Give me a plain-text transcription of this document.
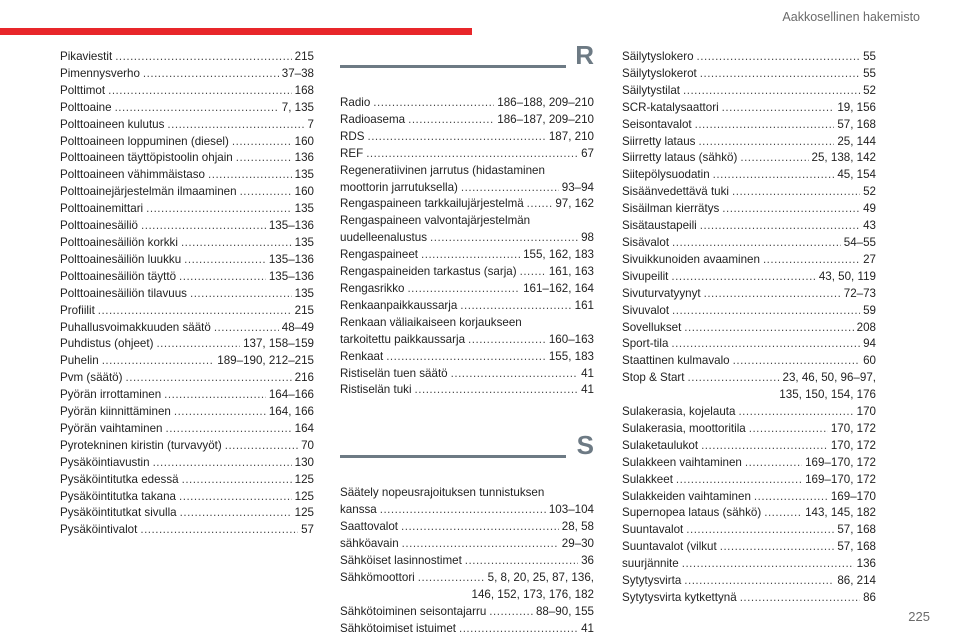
Aakkosellinen hakemisto
Pikaviestit .....	215
Pimennysverho .....	37–38
Polttimot .....	168
Polttoaine .....	7, 135
Polttoaineen kulutus .....	7
Polttoaineen loppuminen (diesel) .....	160
Polttoaineen täyttöpistoolin ohjain .....	136
Polttoaineen vähimmäistaso .....	135
Polttoainejärjestelmän ilmaaminen .....	160
Polttoainemittari .....	135
Polttoainesäiliö .....	135–136
Polttoainesäiliön korkki .....	135
Polttoainesäiliön luukku .....	135–136
Polttoainesäiliön täyttö .....	135–136
Polttoainesäiliön tilavuus .....	135
Profiilit .....	215
Puhallusvoimakkuuden säätö .....	48–49
Puhdistus (ohjeet) .....	137, 158–159
Puhelin .....	189–190, 212–215
Pvm (säätö) .....	216
Pyörän irrottaminen .....	164–166
Pyörän kiinnittäminen .....	164, 166
Pyörän vaihtaminen .....	164
Pyrotekninen kiristin (turvavyöt) .....	70
Pysäköintiavustin .....	130
Pysäköintitutka edessä .....	125
Pysäköintitutka takana .....	125
Pysäköintitutkat sivulla .....	125
Pysäköintivalot .....	57
R
Radio .....	186–188, 209–210
Radioasema .....	186–187, 209–210
RDS .....	187, 210
REF .....	67
Regeneratiivinen jarrutus (hidastaminen
moottorin jarrutuksella) .....	93–94
Rengaspaineen tarkkailujärjestelmä .....	97, 162
Rengaspaineen valvontajärjestelmän
uudelleenalustus .....	98
Rengaspaineet .....	155, 162, 183
Rengaspaineiden tarkastus (sarja) .....	161, 163
Rengasrikko .....	161–162, 164
Renkaanpaikkaussarja .....	161
Renkaan väliaikaiseen korjaukseen
tarkoitettu paikkaussarja .....	160–163
Renkaat .....	155, 183
Ristiselän tuen säätö .....	41
Ristiselän tuki .....	41
S
Säätely nopeusrajoituksen tunnistuksen
kanssa .....	103–104
Saattovalot .....	28, 58
sähköavain .....	29–30
Sähköiset lasinnostimet .....	36
Sähkömoottori .....	5, 8, 20, 25, 87, 136,
146, 152, 173, 176, 182
Sähkötoiminen seisontajarru .....	88–90, 155
Sähkötoimiset istuimet .....	41
Säilytyslokero .....	55
Säilytyslokerot .....	55
Säilytystilat .....	52
SCR-katalysaattori .....	19, 156
Seisontavalot .....	57, 168
Siirretty lataus .....	25, 144
Siirretty lataus (sähkö) .....	25, 138, 142
Siitepölysuodatin .....	45, 154
Sisäänvedettävä tuki .....	52
Sisäilman kierrätys .....	49
Sisätaustapeili .....	43
Sisävalot .....	54–55
Sivuikkunoiden avaaminen .....	27
Sivupeilit .....	43, 50, 119
Sivuturvatyynyt .....	72–73
Sivuvalot .....	59
Sovellukset .....	208
Sport-tila .....	94
Staattinen kulmavalo .....	60
Stop & Start .....	23, 46, 50, 96–97,
135, 150, 154, 176
Sulakerasia, kojelauta .....	170
Sulakerasia, moottoritila .....	170, 172
Sulaketaulukot .....	170, 172
Sulakkeen vaihtaminen .....	169–170, 172
Sulakkeet .....	169–170, 172
Sulakkeiden vaihtaminen .....	169–170
Supernopea lataus (sähkö) .....	143, 145, 182
Suuntavalot .....	57, 168
Suuntavalot (vilkut .....	57, 168
suurjännite .....	136
Sytytysvirta .....	86, 214
Sytytysvirta kytkettynä .....	86
225
